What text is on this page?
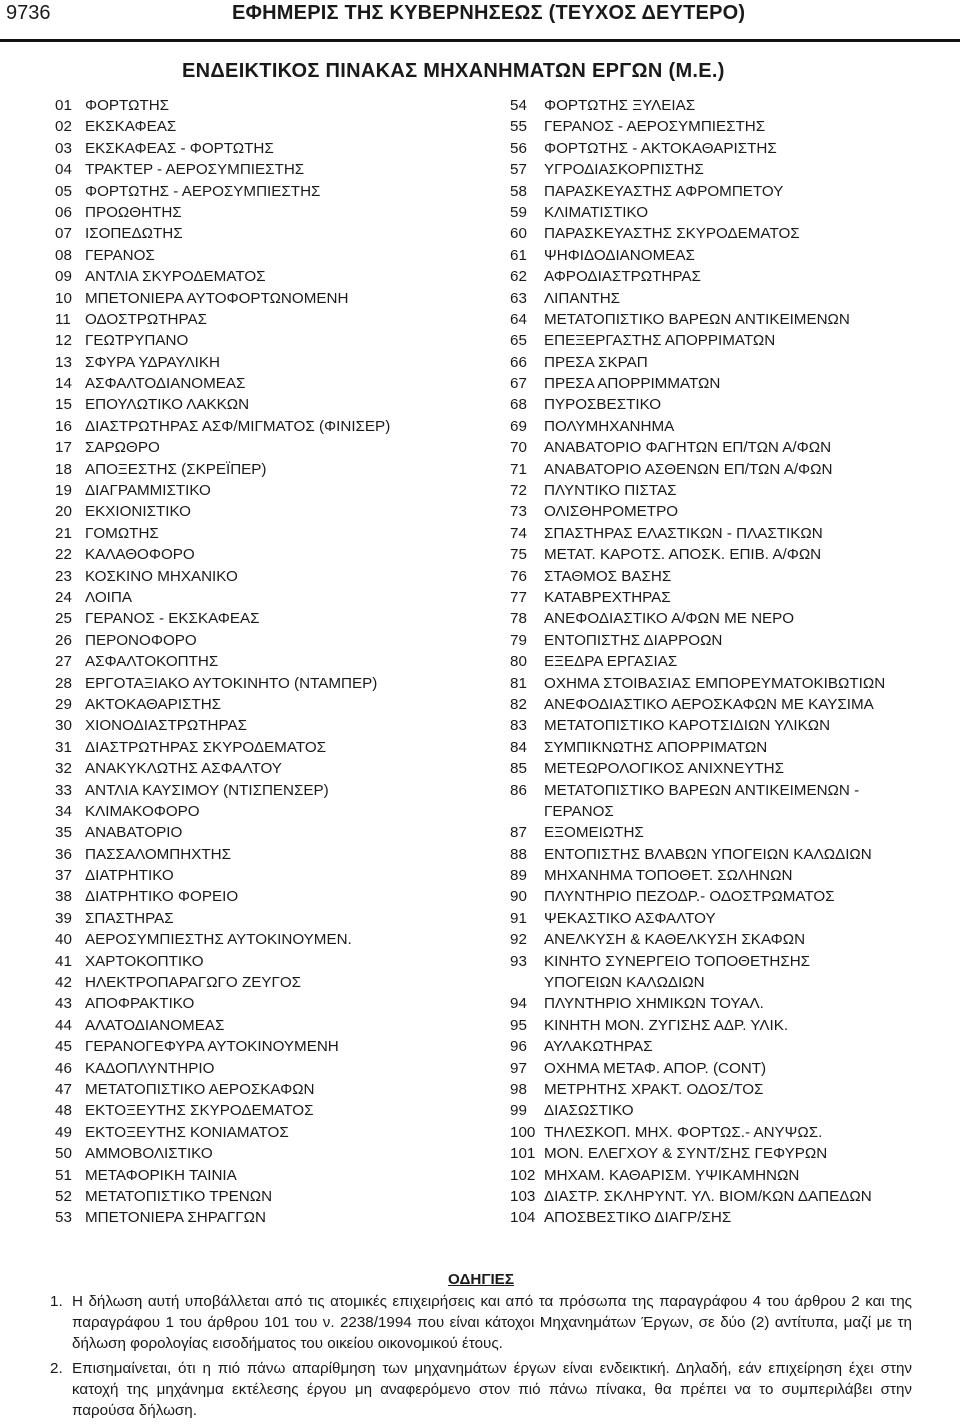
9736	ΕΦΗΜΕΡΙΣ ΤΗΣ ΚΥΒΕΡΝΗΣΕΩΣ (ΤΕΥΧΟΣ ΔΕΥΤΕΡΟ)
ΕΝΔΕΙΚΤΙΚΟΣ ΠΙΝΑΚΑΣ ΜΗΧΑΝΗΜΑΤΩΝ ΕΡΓΩΝ (Μ.Ε.)
01 ΦΟΡΤΩΤΗΣ
02 ΕΚΣΚΑΦΕΑΣ
03 ΕΚΣΚΑΦΕΑΣ - ΦΟΡΤΩΤΗΣ
04 ΤΡΑΚΤΕΡ - ΑΕΡΟΣΥΜΠΙΕΣΤΗΣ
05 ΦΟΡΤΩΤΗΣ - ΑΕΡΟΣΥΜΠΙΕΣΤΗΣ
06 ΠΡΟΩΘΗΤΗΣ
07 ΙΣΟΠΕΔΩΤΗΣ
08 ΓΕΡΑΝΟΣ
09 ΑΝΤΛΙΑ ΣΚΥΡΟΔΕΜΑΤΟΣ
10 ΜΠΕΤΟΝΙΕΡΑ ΑΥΤΟΦΟΡΤΩΝΟΜΕΝΗ
11 ΟΔΟΣΤΡΩΤΗΡΑΣ
12 ΓΕΩΤΡΥΠΑΝΟ
13 ΣΦΥΡΑ ΥΔΡΑΥΛΙΚΗ
14 ΑΣΦΑΛΤΟΔΙΑΝΟΜΕΑΣ
15 ΕΠΟΥΛΩΤΙΚΟ ΛΑΚΚΩΝ
16 ΔΙΑΣΤΡΩΤΗΡΑΣ ΑΣΦ/ΜΙΓΜΑΤΟΣ (ΦΙΝΙΣΕΡ)
17 ΣΑΡΩΘΡΟ
18 ΑΠΟΞΕΣΤΗΣ (ΣΚΡΕΪΠΕΡ)
19 ΔΙΑΓΡΑΜΜΙΣΤΙΚΟ
20 ΕΚΧΙΟΝΙΣΤΙΚΟ
21 ΓΟΜΩΤΗΣ
22 ΚΑΛΑΘΟΦΟΡΟ
23 ΚΟΣΚΙΝΟ ΜΗΧΑΝΙΚΟ
24 ΛΟΙΠΑ
25 ΓΕΡΑΝΟΣ - ΕΚΣΚΑΦΕΑΣ
26 ΠΕΡΟΝΟΦΟΡΟ
27 ΑΣΦΑΛΤΟΚΟΠΤΗΣ
28 ΕΡΓΟΤΑΞΙΑΚΟ ΑΥΤΟΚΙΝΗΤΟ (ΝΤΑΜΠΕΡ)
29 ΑΚΤΟΚΑΘΑΡΙΣΤΗΣ
30 ΧΙΟΝΟΔΙΑΣΤΡΩΤΗΡΑΣ
31 ΔΙΑΣΤΡΩΤΗΡΑΣ ΣΚΥΡΟΔΕΜΑΤΟΣ
32 ΑΝΑΚΥΚΛΩΤΗΣ ΑΣΦΑΛΤΟΥ
33 ΑΝΤΛΙΑ ΚΑΥΣΙΜΟΥ (ΝΤΙΣΠΕΝΣΕΡ)
34 ΚΛΙΜΑΚΟΦΟΡΟ
35 ΑΝΑΒΑΤΟΡΙΟ
36 ΠΑΣΣΑΛΟΜΠΗΧΤΗΣ
37 ΔΙΑΤΡΗΤΙΚΟ
38 ΔΙΑΤΡΗΤΙΚΟ ΦΟΡΕΙΟ
39 ΣΠΑΣΤΗΡΑΣ
40 ΑΕΡΟΣΥΜΠΙΕΣΤΗΣ ΑΥΤΟΚΙΝΟΥΜΕΝ.
41 ΧΑΡΤΟΚΟΠΤΙΚΟ
42 ΗΛΕΚΤΡΟΠΑΡΑΓΩΓΟ ΖΕΥΓΟΣ
43 ΑΠΟΦΡΑΚΤΙΚΟ
44 ΑΛΑΤΟΔΙΑΝΟΜΕΑΣ
45 ΓΕΡΑΝΟΓΕΦΥΡΑ ΑΥΤΟΚΙΝΟΥΜΕΝΗ
46 ΚΑΔΟΠΛΥΝΤΗΡΙΟ
47 ΜΕΤΑΤΟΠΙΣΤΙΚΟ ΑΕΡΟΣΚΑΦΩΝ
48 ΕΚΤΟΞΕΥΤΗΣ ΣΚΥΡΟΔΕΜΑΤΟΣ
49 ΕΚΤΟΞΕΥΤΗΣ ΚΟΝΙΑΜΑΤΟΣ
50 ΑΜΜΟΒΟΛΙΣΤΙΚΟ
51 ΜΕΤΑΦΟΡΙΚΗ ΤΑΙΝΙΑ
52 ΜΕΤΑΤΟΠΙΣΤΙΚΟ ΤΡΕΝΩΝ
53 ΜΠΕΤΟΝΙΕΡΑ ΣΗΡΑΓΓΩΝ
54	ΦΟΡΤΩΤΗΣ ΞΥΛΕΙΑΣ
55	ΓΕΡΑΝΟΣ - ΑΕΡΟΣΥΜΠΙΕΣΤΗΣ
56	ΦΟΡΤΩΤΗΣ - ΑΚΤΟΚΑΘΑΡΙΣΤΗΣ
57	ΥΓΡΟΔΙΑΣΚΟΡΠΙΣΤΗΣ
58	ΠΑΡΑΣΚΕΥΑΣΤΗΣ ΑΦΡΟΜΠΕΤΟΥ
59	ΚΛΙΜΑΤΙΣΤΙΚΟ
60	ΠΑΡΑΣΚΕΥΑΣΤΗΣ ΣΚΥΡΟΔΕΜΑΤΟΣ
61	ΨΗΦΙΔΟΔΙΑΝΟΜΕΑΣ
62	ΑΦΡΟΔΙΑΣΤΡΩΤΗΡΑΣ
63	ΛΙΠΑΝΤΗΣ
64	ΜΕΤΑΤΟΠΙΣΤΙΚΟ ΒΑΡΕΩΝ ΑΝΤΙΚΕΙΜΕΝΩΝ
65	ΕΠΕΞΕΡΓΑΣΤΗΣ ΑΠΟΡΡΙΜΑΤΩΝ
66	ΠΡΕΣΑ ΣΚΡΑΠ
67	ΠΡΕΣΑ ΑΠΟΡΡΙΜΜΑΤΩΝ
68	ΠΥΡΟΣΒΕΣΤΙΚΟ
69	ΠΟΛΥΜΗΧΑΝΗΜΑ
70	ΑΝΑΒΑΤΟΡΙΟ ΦΑΓΗΤΩΝ ΕΠ/ΤΩΝ Α/ΦΩΝ
71	ΑΝΑΒΑΤΟΡΙΟ ΑΣΘΕΝΩΝ ΕΠ/ΤΩΝ Α/ΦΩΝ
72	ΠΛΥΝΤΙΚΟ ΠΙΣΤΑΣ
73	ΟΛΙΣΘΗΡΟΜΕΤΡΟ
74	ΣΠΑΣΤΗΡΑΣ ΕΛΑΣΤΙΚΩΝ - ΠΛΑΣΤΙΚΩΝ
75	ΜΕΤΑΤ. ΚΑΡΟΤΣ. ΑΠΟΣΚ. ΕΠΙΒ. Α/ΦΩΝ
76	ΣΤΑΘΜΟΣ ΒΑΣΗΣ
77	ΚΑΤΑΒΡΕΧΤΗΡΑΣ
78	ΑΝΕΦΟΔΙΑΣΤΙΚΟ Α/ΦΩΝ ΜΕ ΝΕΡΟ
79	ΕΝΤΟΠΙΣΤΗΣ ΔΙΑΡΡΟΩΝ
80	ΕΞΕΔΡΑ ΕΡΓΑΣΙΑΣ
81	ΟΧΗΜΑ ΣΤΟΙΒΑΣΙΑΣ ΕΜΠΟΡΕΥΜΑΤΟΚΙΒΩΤΙΩΝ
82	ΑΝΕΦΟΔΙΑΣΤΙΚΟ ΑΕΡΟΣΚΑΦΩΝ ΜΕ ΚΑΥΣΙΜΑ
83	ΜΕΤΑΤΟΠΙΣΤΙΚΟ ΚΑΡΟΤΣΙΔΙΩΝ ΥΛΙΚΩΝ
84	ΣΥΜΠΙΚΝΩΤΗΣ ΑΠΟΡΡΙΜΑΤΩΝ
85	ΜΕΤΕΩΡΟΛΟΓΙΚΟΣ ΑΝΙΧΝΕΥΤΗΣ
86	ΜΕΤΑΤΟΠΙΣΤΙΚΟ ΒΑΡΕΩΝ ΑΝΤΙΚΕΙΜΕΝΩΝ -
ΓΕΡΑΝΟΣ
87	ΕΞΟΜΕΙΩΤΗΣ
88	ΕΝΤΟΠΙΣΤΗΣ ΒΛΑΒΩΝ ΥΠΟΓΕΙΩΝ ΚΑΛΩΔΙΩΝ
89	ΜΗΧΑΝΗΜΑ ΤΟΠΟΘΕΤ. ΣΩΛΗΝΩΝ
90	ΠΛΥΝΤΗΡΙΟ ΠΕΖΟΔΡ.- ΟΔΟΣΤΡΩΜΑΤΟΣ
91	ΨΕΚΑΣΤΙΚΟ ΑΣΦΑΛΤΟΥ
92	ΑΝΕΛΚΥΣΗ & ΚΑΘΕΛΚΥΣΗ ΣΚΑΦΩΝ
93	ΚΙΝΗΤΟ ΣΥΝΕΡΓΕΙΟ ΤΟΠΟΘΕΤΗΣΗΣ
ΥΠΟΓΕΙΩΝ ΚΑΛΩΔΙΩΝ
94	ΠΛΥΝΤΗΡΙΟ ΧΗΜΙΚΩΝ ΤΟΥΑΛ.
95	ΚΙΝΗΤΗ ΜΟΝ. ΖΥΓΙΣΗΣ ΑΔΡ. ΥΛΙΚ.
96	ΑΥΛΑΚΩΤΗΡΑΣ
97	ΟΧΗΜΑ ΜΕΤΑΦ. ΑΠΟΡ. (CONT)
98	ΜΕΤΡΗΤΗΣ ΧΡΑΚΤ. ΟΔΟΣ/ΤΟΣ
99	ΔΙΑΣΩΣΤΙΚΟ
100 ΤΗΛΕΣΚΟΠ. ΜΗΧ. ΦΟΡΤΩΣ.- ΑΝΥΨΩΣ.
101 ΜΟΝ. ΕΛΕΓΧΟΥ & ΣΥΝΤ/ΣΗΣ ΓΕΦΥΡΩΝ
102 ΜΗΧΑΜ. ΚΑΘΑΡΙΣΜ. ΥΨΙΚΑΜΗΝΩΝ
103 ΔΙΑΣΤΡ. ΣΚΛΗΡΥΝΤ. ΥΛ. ΒΙΟΜ/ΚΩΝ ΔΑΠΕΔΩΝ
104 ΑΠΟΣΒΕΣΤΙΚΟ ΔΙΑΓΡ/ΣΗΣ
ΟΔΗΓΙΕΣ
1. Η δήλωση αυτή υποβάλλεται από τις ατομικές επιχειρήσεις και από τα πρόσωπα της παραγράφου 4 του άρθρου 2 και της παραγράφου 1 του άρθρου 101 του ν. 2238/1994 που είναι κάτοχοι Μηχανημάτων Έργων, σε δύο (2) αντίτυπα, μαζί με τη δήλωση φορολογίας εισοδήματος του οικείου οικονομικού έτους.
2. Επισημαίνεται, ότι η πιό πάνω απαρίθμηση των μηχανημάτων έργων είναι ενδεικτική. Δηλαδή, εάν επιχείρηση έχει στην κατοχή της μηχάνημα εκτέλεσης έργου μη αναφερόμενο στον πιό πάνω πίνακα, θα πρέπει να το συμπεριλάβει στην παρούσα δήλωση.
